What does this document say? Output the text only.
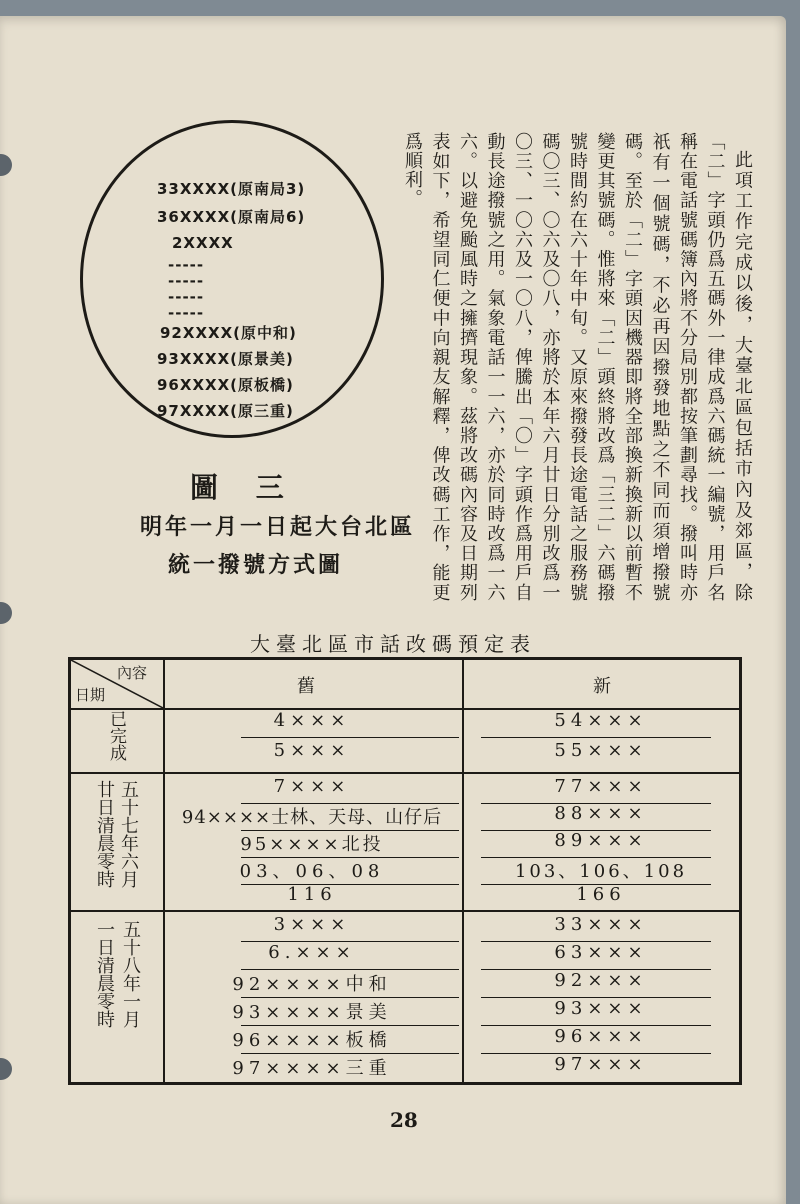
33XXXX(原南局3)
36XXXX(原南局6)
2XXXX
-----
-----
-----
-----
92XXXX(原中和)
93XXXX(原景美)
96XXXX(原板橋)
97XXXX(原三重)
圖 三
明年一月一日起大台北區
統一撥號方式圖	此項工作完成以後，大臺北區包括市內及郊區，除「二」字頭仍爲五碼外一律成爲六碼統一編號，用戶名稱在電話號碼簿內將不分局別都按筆劃尋找。撥叫時亦祇有一個號碼，不必再因撥發地點之不同而須增撥號碼。至於「二」字頭因機器即將全部換新換新以前暫不變更其號碼。惟將來「二」頭終將改爲「三二」六碼撥號時間約在六十年中旬。又原來撥發長途電話之服務號碼〇三、〇六及〇八，亦將於本年六月廿日分別改爲一〇三、一〇六及一〇八，俾騰出「〇」字頭作爲用戶自動長途撥號之用。氣象電話一一六，亦於同時改爲一六六。以避免颱風時之擁擠現象。茲將改碼內容及日期列表如下，希望同仁便中向親友解釋，俾改碼工作，能更爲順利。

大臺北區市話改碼預定表
內容
日期	舊	新
已完成	4×××	54×××
5×××	55×××
五十七年六月
廿日清晨零時	7×××	77×××
94××××士林、天母、山仔后	88×××
95××××北投	89×××
03、06、08	103、106、108
116	166
五十八年一月
一日清晨零時	3×××	33×××
6.×××	63×××
92××××中和	92×××
93××××景美	93×××
96××××板橋	96×××
97××××三重	97×××
28
